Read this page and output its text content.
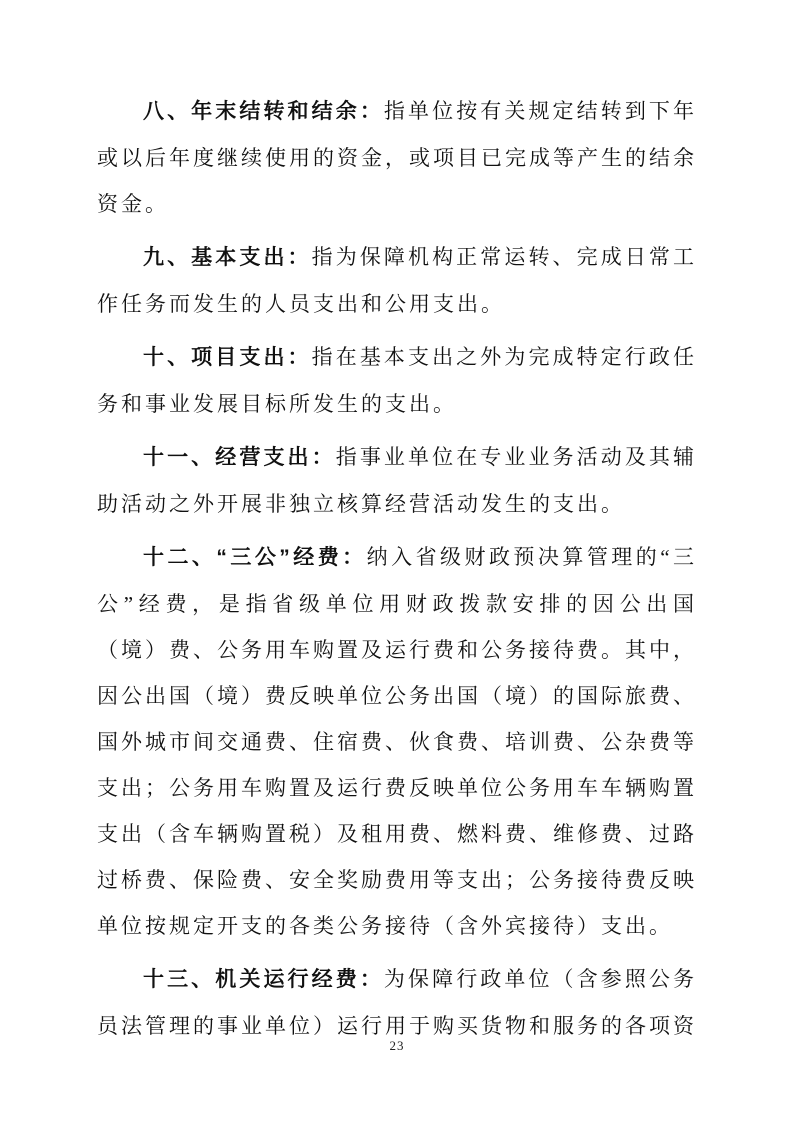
八、年末结转和结余：指单位按有关规定结转到下年或以后年度继续使用的资金，或项目已完成等产生的结余资金。

九、基本支出：指为保障机构正常运转、完成日常工作任务而发生的人员支出和公用支出。

十、项目支出：指在基本支出之外为完成特定行政任务和事业发展目标所发生的支出。

十一、经营支出：指事业单位在专业业务活动及其辅助活动之外开展非独立核算经营活动发生的支出。

十二、“三公”经费：纳入省级财政预决算管理的“三公”经费，是指省级单位用财政拨款安排的因公出国（境）费、公务用车购置及运行费和公务接待费。其中，因公出国（境）费反映单位公务出国（境）的国际旅费、国外城市间交通费、住宿费、伙食费、培训费、公杂费等支出；公务用车购置及运行费反映单位公务用车车辆购置支出（含车辆购置税）及租用费、燃料费、维修费、过路过桥费、保险费、安全奖励费用等支出；公务接待费反映单位按规定开支的各类公务接待（含外宾接待）支出。

十三、机关运行经费：为保障行政单位（含参照公务员法管理的事业单位）运行用于购买货物和服务的各项资

23
